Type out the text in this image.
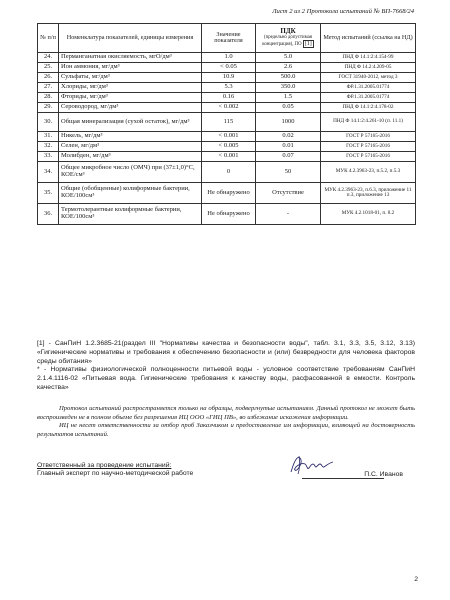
Лист 2 из 2 Протокола испытаний № ВП-7668/24
№ п/п	Номенклатура показателей, единицы измерения	Значение показателя	ПДК
(предельно допустимая концентрация), ПО [1]	Метод испытаний (ссылка на НД)
24.	Перманганатная окисляемость, мгО/дм³	1.0	5.0	ПНД Ф 14.1:2:4.154-99
25.	Ион аммония, мг/дм³	< 0.05	2.6	ПНД Ф 14.2:4.209-05
26.	Сульфаты, мг/дм³	10.9	500.0	ГОСТ 31940-2012, метод 3
27.	Хлориды, мг/дм³	5.3	350.0	ФР.1.31.2005.01774
28.	Фториды, мг/дм³	0.16	1.5	ФР.1.31.2005.01774
29.	Сероводород, мг/дм³	< 0.002	0.05	ПНД Ф 14.1:2:4.178-02
30.	Общая минерализация (сухой остаток), мг/дм³	115	1000	ПНД Ф 14.1:2:4.261-10 (п. 11.1)
31.	Никель, мг/дм³	< 0.001	0.02	ГОСТ Р 57165-2016
32.	Селен, мг/дм³	< 0.005	0.01	ГОСТ Р 57165-2016
33.	Молибден, мг/дм³	< 0.001	0.07	ГОСТ Р 57165-2016
34.	Общее микробное число (ОМЧ) при (37±1,0)°С, КОЕ/см³	0	50	МУК 4.2.3963-23, п.5.2, п.5.3
35.	Общие (обобщенные) колиформные бактерии, КОЕ/100см³	Не обнаружено	Отсутствие	МУК 4.2.3963-23, п.6.3, приложение 11 п.3, приложение 13
36.	Термотолерантные колиформные бактерии, КОЕ/100см³	Не обнаружено	-	МУК 4.2.1018-01, п. 8.2

[1] - СанПиН 1.2.3685-21(раздел III "Нормативы качества и безопасности воды", табл. 3.1, 3.3, 3.5, 3.12, 3.13) «Гигиенические нормативы и требования к обеспечению безопасности и (или) безвредности для человека факторов среды обитания»

* - Нормативы физиологической полноценности питьевой воды - условное соответствие требованиям СанПиН 2.1.4.1116-02 «Питьевая вода. Гигиенические требования к качеству воды, расфасованной в емкости. Контроль качества»

Протокол испытаний распространяется только на образцы, подвергнутые испытаниям. Данный протокол не может быть воспроизведен не в полном объеме без разрешения ИЦ ООО «ГИЦ ПВ», во избежание искажения информации.

ИЦ не несет ответственности за отбор проб Заказчиком и предоставление им информации, влияющей на достоверность результатов испытаний.

Ответственный за проведение испытаний:
Главный эксперт по научно-методической работе	П.С. Иванов
2
